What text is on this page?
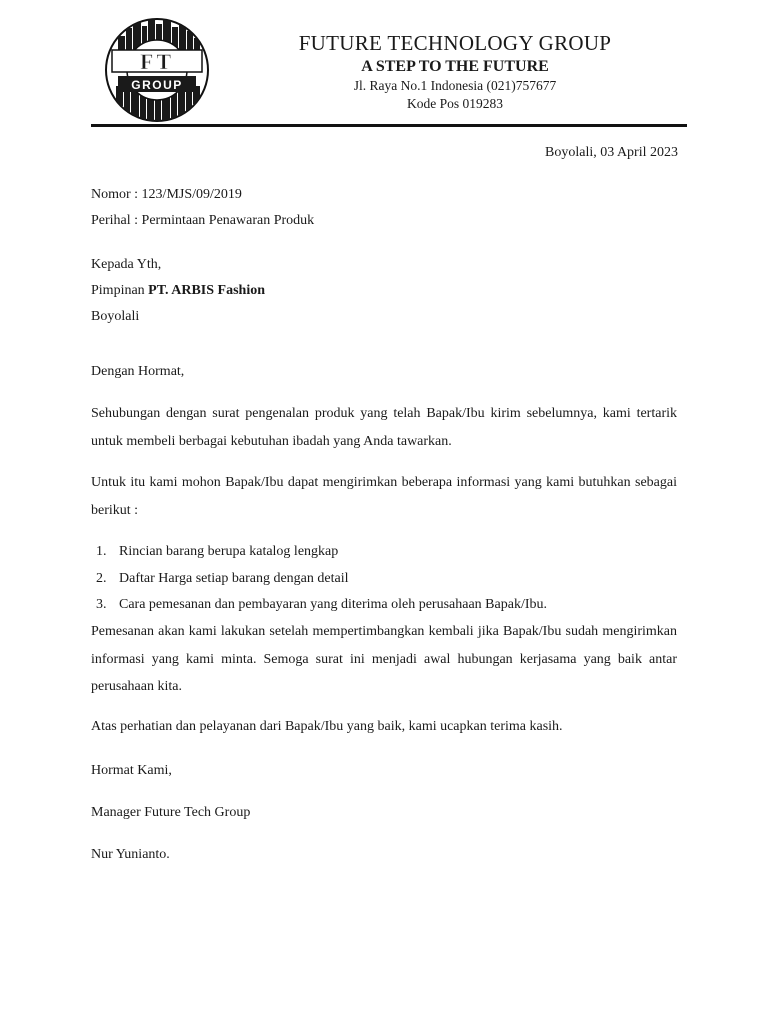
FT
GROUP
FUTURE TECHNOLOGY GROUP
A STEP TO THE FUTURE
Jl. Raya No.1 Indonesia (021)757677
Kode Pos 019283
Boyolali, 03 April 2023
Nomor : 123/MJS/09/2019
Perihal : Permintaan Penawaran Produk
Kepada Yth,
Pimpinan PT. ARBIS Fashion
Boyolali
Dengan Hormat,
Sehubungan dengan surat pengenalan produk yang telah Bapak/Ibu kirim sebelumnya, kami tertarik untuk membeli berbagai kebutuhan ibadah yang Anda tawarkan.
Untuk itu kami mohon Bapak/Ibu dapat mengirimkan beberapa informasi yang kami butuhkan sebagai berikut :
1. Rincian barang berupa katalog lengkap
2. Daftar Harga setiap barang dengan detail
3. Cara pemesanan dan pembayaran yang diterima oleh perusahaan Bapak/Ibu.
Pemesanan akan kami lakukan setelah mempertimbangkan kembali jika Bapak/Ibu sudah mengirimkan informasi yang kami minta. Semoga surat ini menjadi awal hubungan kerjasama yang baik antar perusahaan kita.
Atas perhatian dan pelayanan dari Bapak/Ibu yang baik, kami ucapkan terima kasih.
Hormat Kami,
Manager Future Tech Group
Nur Yunianto.
